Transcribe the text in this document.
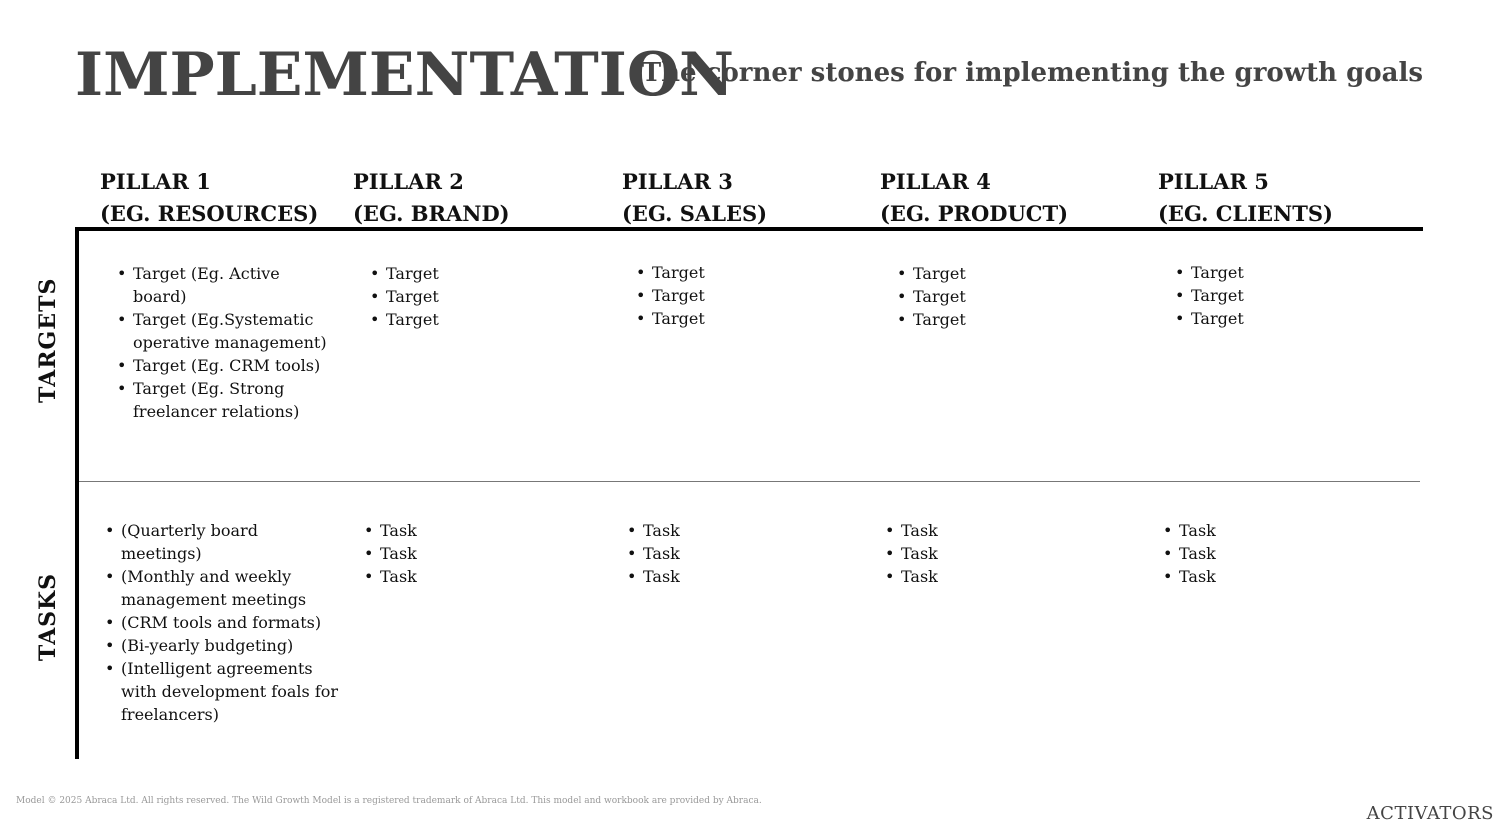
IMPLEMENTATION
The corner stones for implementing the growth goals
PILLAR 1
(EG. RESOURCES)
PILLAR 2
(EG. BRAND)
PILLAR 3
(EG. SALES)
PILLAR 4
(EG. PRODUCT)
PILLAR 5
(EG. CLIENTS)
TARGETS
TASKS
• Target (Eg. Active board)
• Target (Eg.Systematic operative management)
• Target (Eg. CRM tools)
• Target (Eg. Strong freelancer relations)
• Target
• Target
• Target
• Target
• Target
• Target
• Target
• Target
• Target
• Target
• Target
• Target
• (Quarterly board meetings)
• (Monthly and weekly management meetings
• (CRM tools and formats)
• (Bi-yearly budgeting)
• (Intelligent agreements with development foals for freelancers)
• Task
• Task
• Task
• Task
• Task
• Task
• Task
• Task
• Task
• Task
• Task
• Task
Model © 2025 Abraca Ltd. All rights reserved. The Wild Growth Model is a registered trademark of Abraca Ltd. This model and workbook are provided by Abraca.
ACTIVATORS
